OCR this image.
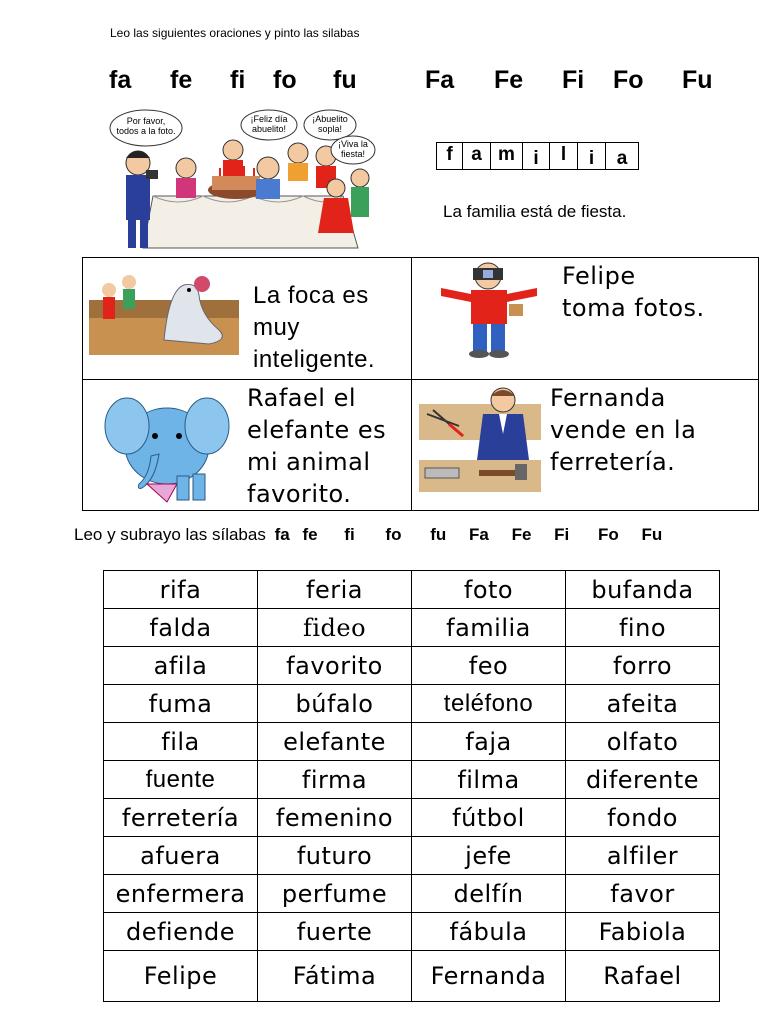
Leo las siguientes oraciones y pinto las silabas
fa fe fi fo fu	Fa Fe Fi Fo Fu
Por favor,
todos a la foto.
¡Feliz día
abuelito!
¡Abuelito
sopla!
¡Viva la
fiesta!	f a m i	l	i	a
La familia está de fiesta.
La foca es
muy
inteligente.
Felipe
toma fotos.
Rafael el
elefante es
mi animal
favorito.
Fernanda
vende en la
ferretería.
Leo y subrayo las sílabas fa fe fi fo fu Fa Fe Fi Fo Fu
rifa	feria	foto	bufanda
falda	fideo	familia	fino
afila	favorito	feo	forro
fuma	búfalo	teléfono	afeita
fila	elefante	faja	olfato
fuente	firma	filma	diferente
ferretería	femenino	fútbol	fondo
afuera	futuro	jefe	alfiler
enfermera	perfume	delfín	favor
defiende	fuerte	fábula	Fabiola
Felipe	Fátima	Fernanda	Rafael
